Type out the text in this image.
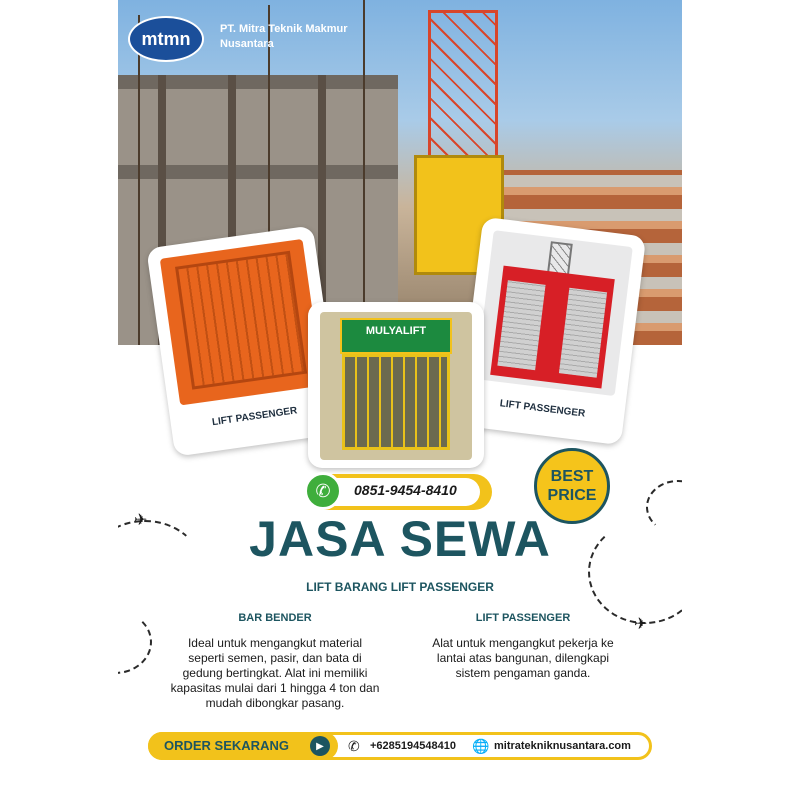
mtmn	PT. Mitra Teknik Makmur Nusantara
LIFT PASSENGER	LIFT PASSENGER
MULYALIFT
✆	0851-9454-8410
BEST
PRICE
✈
✈
JASA SEWA
LIFT BARANG LIFT PASSENGER
BAR BENDER
Ideal untuk mengangkut material seperti semen, pasir, dan bata di gedung bertingkat. Alat ini memiliki kapasitas mulai dari 1 hingga 4 ton dan mudah dibongkar pasang.
LIFT PASSENGER
Alat untuk mengangkut pekerja ke lantai atas bangunan, dilengkapi sistem pengaman ganda.
ORDER SEKARANG	▶	✆ +6285194548410 🌐 mitrateknik​nusantara.com
